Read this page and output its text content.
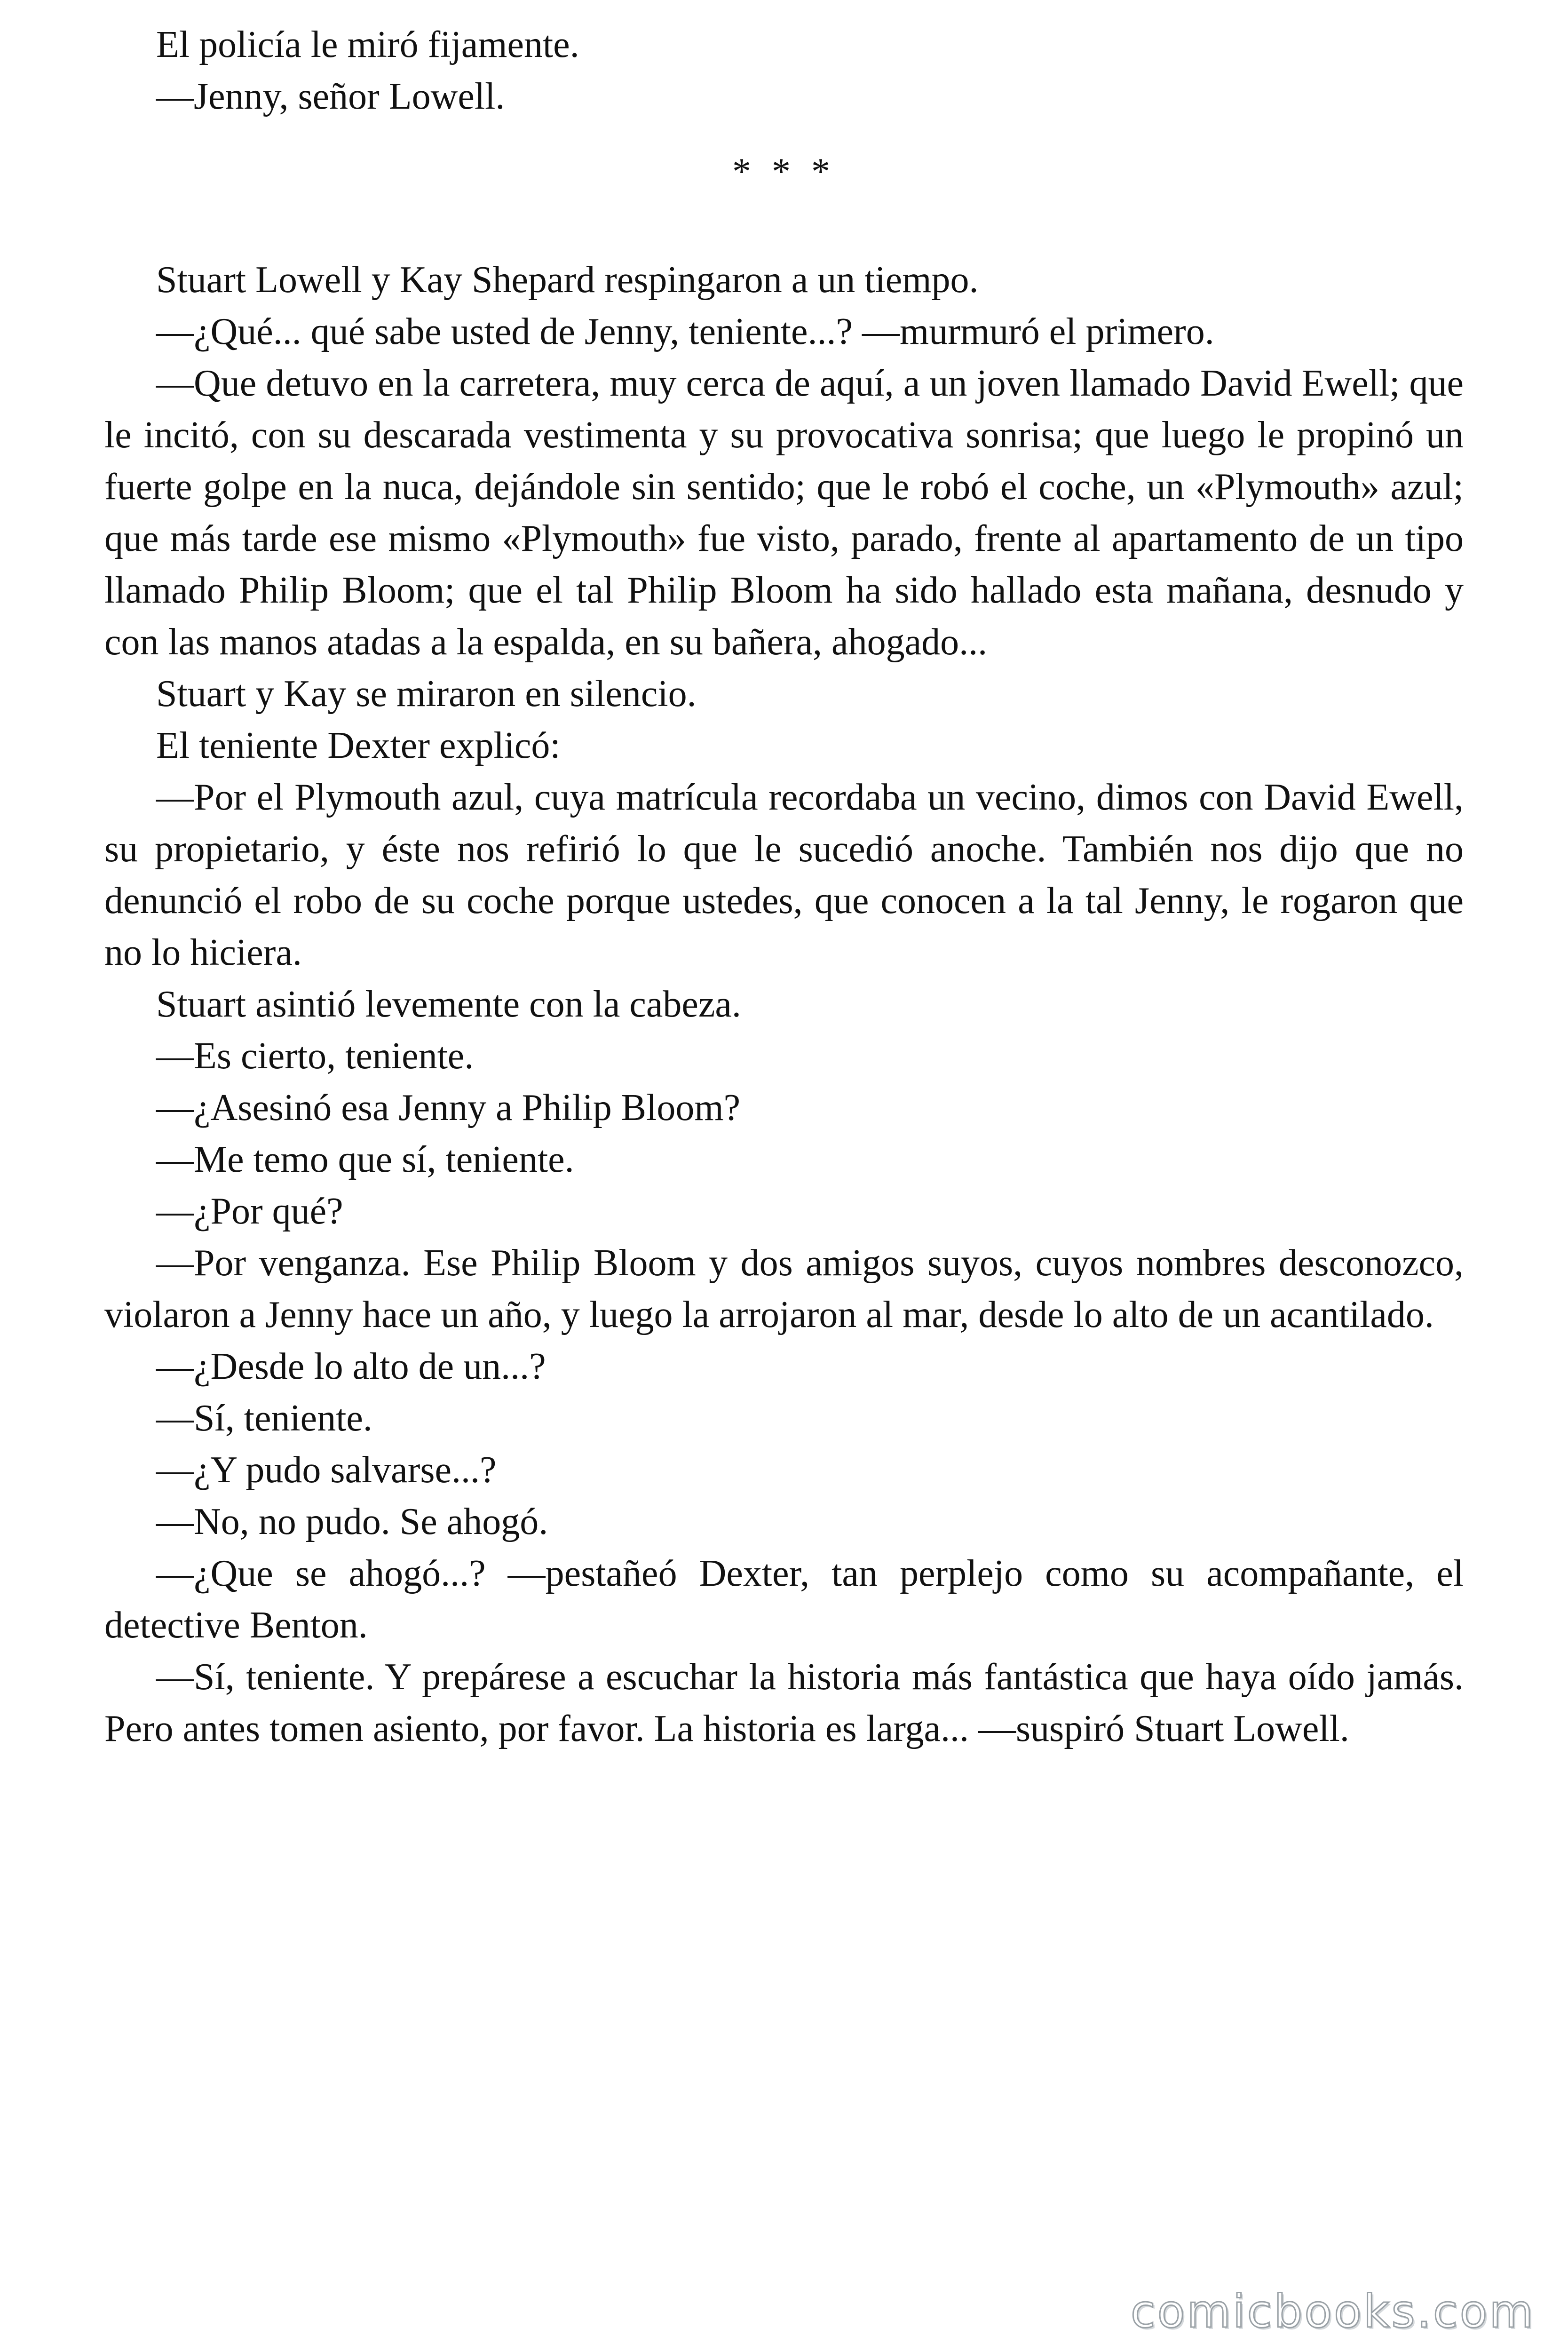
El policía le miró fijamente.

—Jenny, señor Lowell.

* * *

Stuart Lowell y Kay Shepard respingaron a un tiempo.

—¿Qué... qué sabe usted de Jenny, teniente...? —murmuró el primero.

—Que detuvo en la carretera, muy cerca de aquí, a un joven llamado David Ewell; que le incitó, con su descarada vestimenta y su provocativa sonrisa; que luego le propinó un fuerte golpe en la nuca, dejándole sin sentido; que le robó el coche, un «Plymouth» azul; que más tarde ese mismo «Plymouth» fue visto, parado, frente al apartamento de un tipo llamado Philip Bloom; que el tal Philip Bloom ha sido hallado esta mañana, desnudo y con las manos atadas a la espalda, en su bañera, ahogado...

Stuart y Kay se miraron en silencio.

El teniente Dexter explicó:

—Por el Plymouth azul, cuya matrícula recordaba un vecino, dimos con David Ewell, su propietario, y éste nos refirió lo que le sucedió anoche. También nos dijo que no denunció el robo de su coche porque ustedes, que conocen a la tal Jenny, le rogaron que no lo hiciera.

Stuart asintió levemente con la cabeza.

—Es cierto, teniente.

—¿Asesinó esa Jenny a Philip Bloom?

—Me temo que sí, teniente.

—¿Por qué?

—Por venganza. Ese Philip Bloom y dos amigos suyos, cuyos nombres desconozco, violaron a Jenny hace un año, y luego la arrojaron al mar, desde lo alto de un acantilado.

—¿Desde lo alto de un...?

—Sí, teniente.

—¿Y pudo salvarse...?

—No, no pudo. Se ahogó.

—¿Que se ahogó...? —pestañeó Dexter, tan perplejo como su acompañante, el detective Benton.

—Sí, teniente. Y prepárese a escuchar la historia más fantástica que haya oído jamás. Pero antes tomen asiento, por favor. La historia es larga... —suspiró Stuart Lowell.

comicbooks.com
